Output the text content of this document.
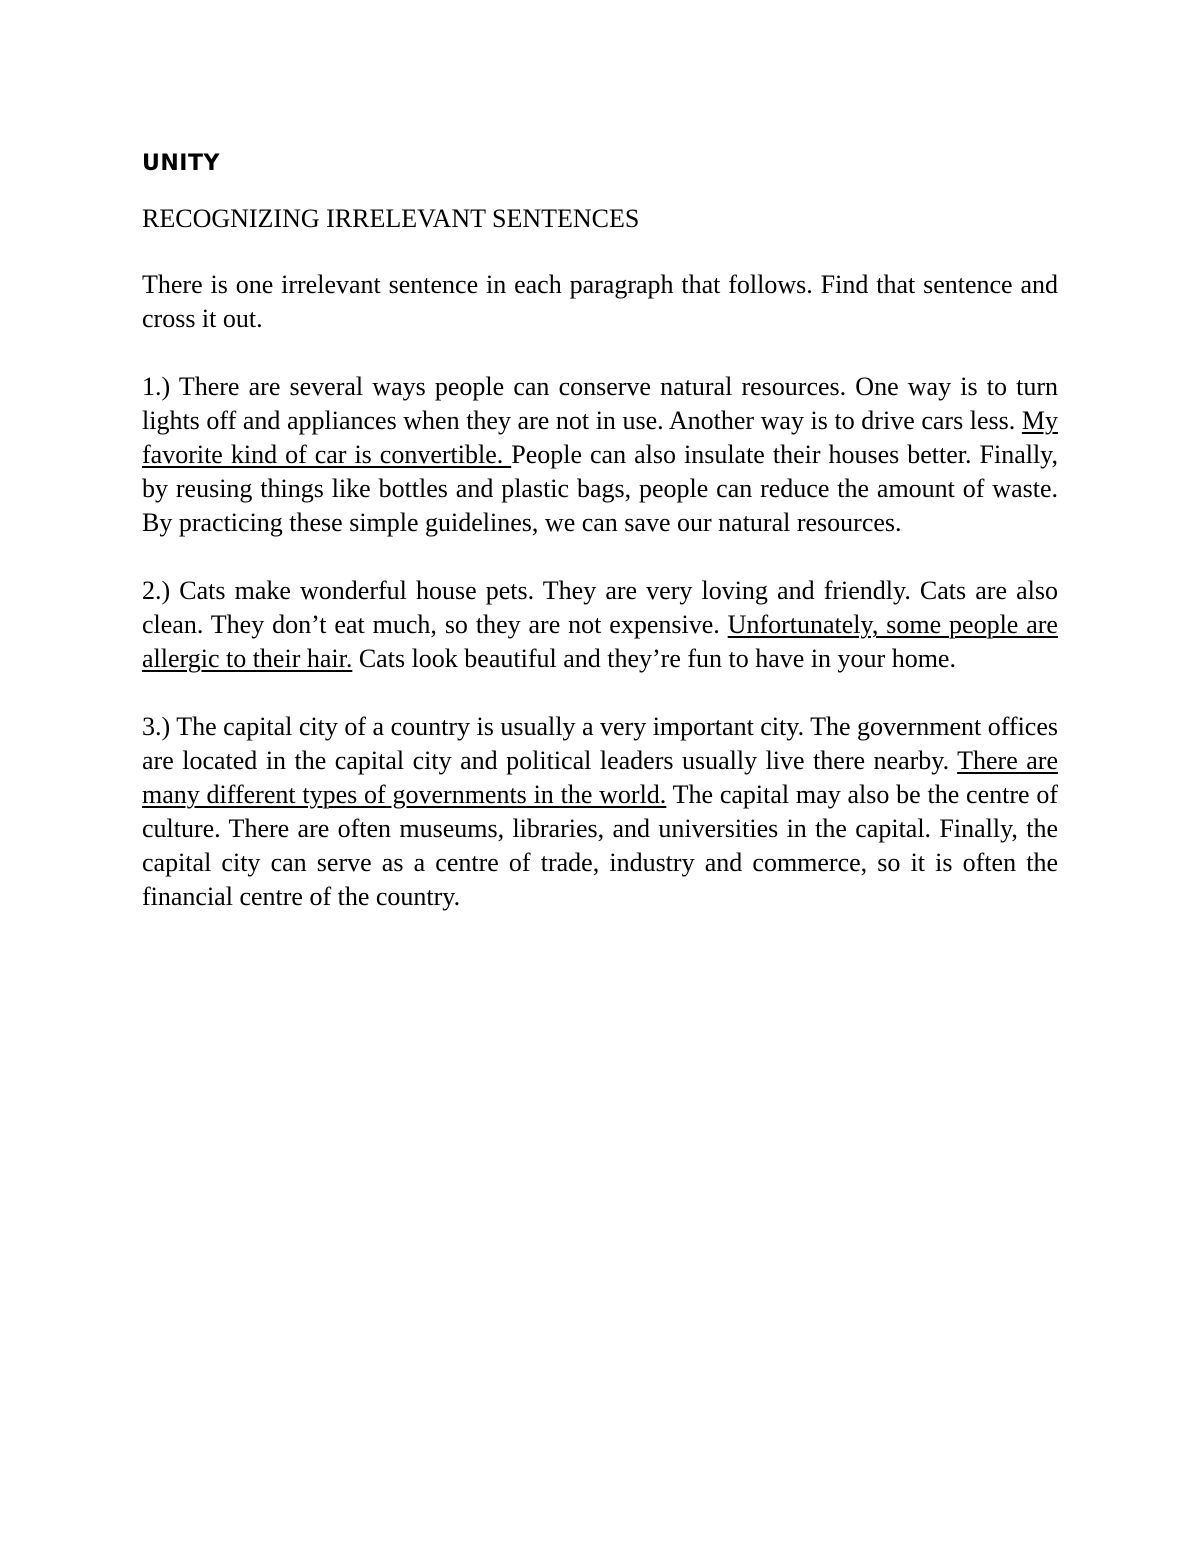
UNITY
RECOGNIZING IRRELEVANT SENTENCES

There is one irrelevant sentence in each paragraph that follows. Find that sentence and cross it out.

1.) There are several ways people can conserve natural resources. One way is to turn lights off and appliances when they are not in use. Another way is to drive cars less. My favorite kind of car is convertible. People can also insulate their houses better. Finally, by reusing things like bottles and plastic bags, people can reduce the amount of waste. By practicing these simple guidelines, we can save our natural resources.

2.) Cats make wonderful house pets. They are very loving and friendly. Cats are also clean. They don’t eat much, so they are not expensive. Unfortunately, some people are allergic to their hair. Cats look beautiful and they’re fun to have in your home.

3.) The capital city of a country is usually a very important city. The government offices are located in the capital city and political leaders usually live there nearby. There are many different types of governments in the world. The capital may also be the centre of culture. There are often museums, libraries, and universities in the capital. Finally, the capital city can serve as a centre of trade, industry and commerce, so it is often the financial centre of the country.
